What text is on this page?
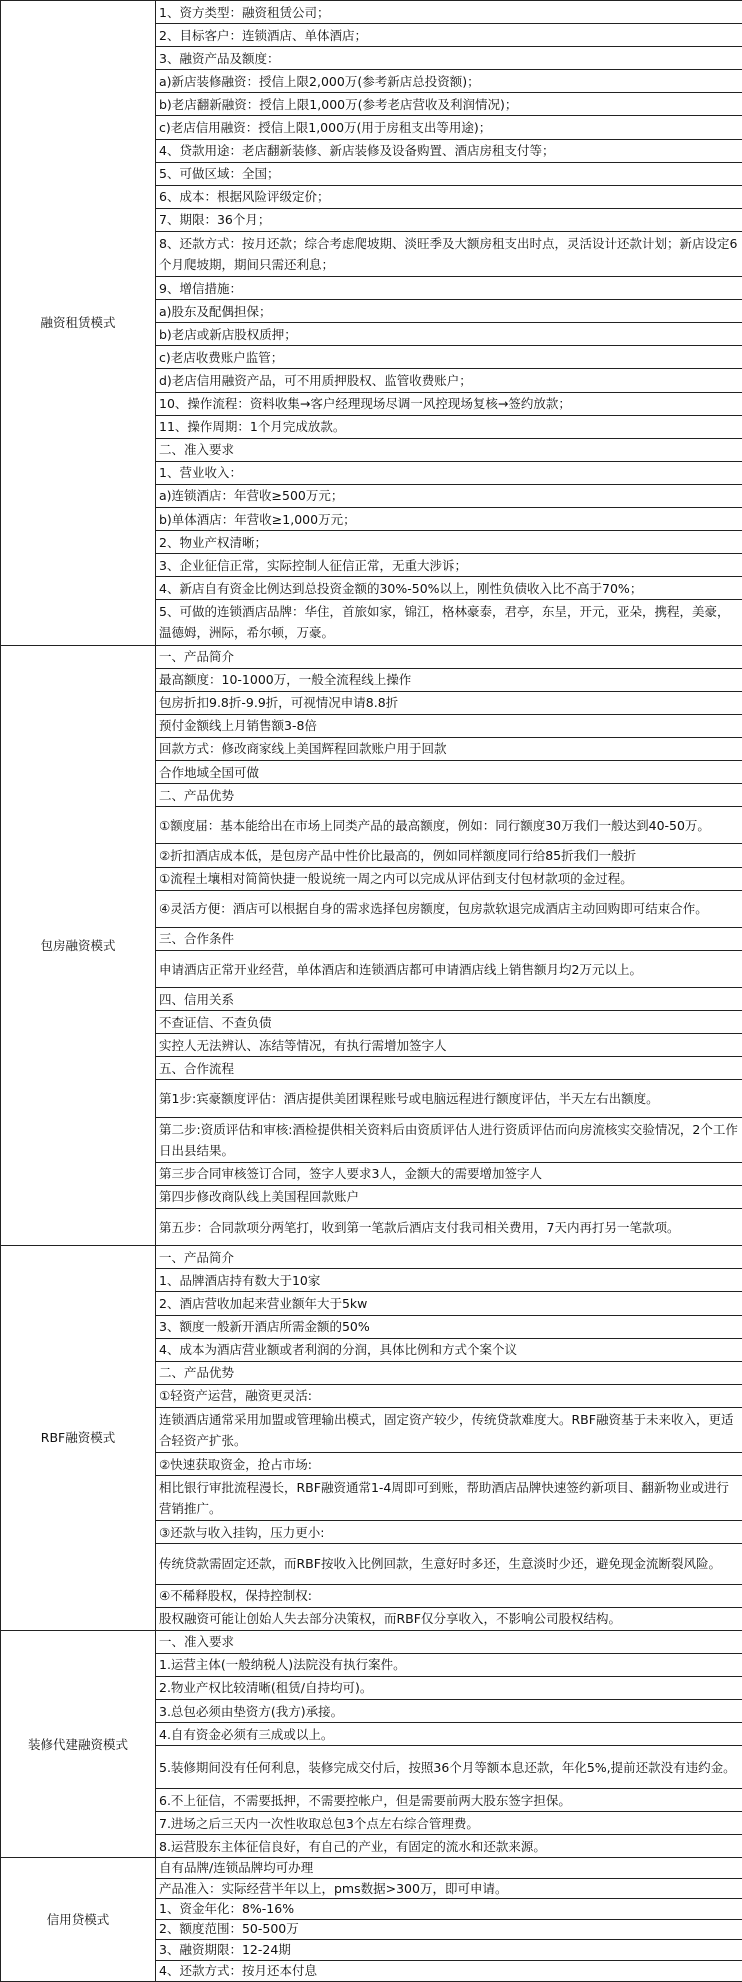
融资租赁模式	1、资方类型：融资租赁公司；
	2、目标客户：连锁酒店、单体酒店；
	3、融资产品及额度：
	a)新店装修融资：授信上限2,000万(参考新店总投资额)；
	b)老店翻新融资：授信上限1,000万(参考老店营收及利润情况)；
	c)老店信用融资：授信上限1,000万(用于房租支出等用途)；
	4、贷款用途：老店翻新装修、新店装修及设备购置、酒店房租支付等；
	5、可做区域：全国；
	6、成本：根据风险评级定价；
	7、期限：36个月；
	8、还款方式：按月还款；综合考虑爬坡期、淡旺季及大额房租支出时点，灵活设计还款计划；新店设定6个月爬坡期，期间只需还利息；
	9、增信措施：
	a)股东及配偶担保；
	b)老店或新店股权质押；
	c)老店收费账户监管；
	d)老店信用融资产品，可不用质押股权、监管收费账户；
	10、操作流程：资料收集→客户经理现场尽调一风控现场复核→签约放款；
	11、操作周期：1个月完成放款。
	二、准入要求
	1、营业收入：
	a)连锁酒店：年营收≥500万元；
	b)单体酒店：年营收≥1,000万元；
	2、物业产权清晰；
	3、企业征信正常，实际控制人征信正常，无重大涉诉；
	4、新店自有资金比例达到总投资金额的30%-50%以上，刚性负债收入比不高于70%；
	5、可做的连锁酒店品牌：华住，首旅如家，锦江，格林豪泰，君亭，东呈，开元，亚朵，携程，美豪，温德姆，洲际，希尔顿，万豪。
包房融资模式	一、产品简介
	最高额度：10-1000万，一般全流程线上操作
	包房折扣9.8折-9.9折，可视情况申请8.8折
	预付金额线上月销售额3-8倍
	回款方式：修改商家线上美国辉程回款账户用于回款
	合作地域全国可做
	二、产品优势
	①额度届：基本能给出在市场上同类产品的最高额度，例如：同行额度30万我们一般达到40-50万。
	②折扣酒店成本低，是包房产品中性价比最高的，例如同样额度同行给85折我们一般折
	①流程土壤相对简简快捷一般说统一周之内可以完成从评估到支付包材款项的金过程。
	④灵活方便：酒店可以根据自身的需求选择包房额度，包房款软退完成酒店主动回购即可结束合作。
	三、合作条件
	申请酒店正常开业经营，单体酒店和连锁酒店都可申请酒店线上销售额月均2万元以上。
	四、信用关系
	不查证信、不查负债
	实控人无法辨认、冻结等情况，有执行需增加签字人
	五、合作流程
	第1步:宾豪额度评估：酒店提供美团课程账号或电脑远程进行额度评估，半天左右出额度。
	第二步:资质评估和审核:酒检提供相关资料后由资质评估人进行资质评估而向房流核实交验情况，2个工作日出县结果。
	第三步合同审核签订合同，签字人要求3人，金额大的需要增加签字人
	第四步修改商队线上美国程回款账户
	第五步：合同款项分两笔打，收到第一笔款后酒店支付我司相关费用，7天内再打另一笔款项。
RBF融资模式	一、产品简介
	1、品牌酒店持有数大于10家
	2、酒店营收加起来营业额年大于5kw
	3、额度一般新开酒店所需金额的50%
	4、成本为酒店营业额或者利润的分润，具体比例和方式个案个议
	二、产品优势
	①轻资产运营，融资更灵活:
	连锁酒店通常采用加盟或管理输出模式，固定资产较少，传统贷款难度大。RBF融资基于未来收入，更适合轻资产扩张。
	②快速获取资金，抢占市场:
	相比银行审批流程漫长，RBF融资通常1-4周即可到账，帮助酒店品牌快速签约新项目、翻新物业或进行营销推广。
	③还款与收入挂钩，压力更小:
	传统贷款需固定还款，而RBF按收入比例回款，生意好时多还，生意淡时少还，避免现金流断裂风险。
	④不稀释股权，保持控制权:
	股权融资可能让创始人失去部分决策权，而RBF仅分享收入，不影响公司股权结构。
装修代建融资模式	一、准入要求
	1.运营主体(一般纳税人)法院没有执行案件。
	2.物业产权比较清晰(租赁/自持均可)。
	3.总包必须由垫资方(我方)承接。
	4.自有资金必须有三成或以上。
	5.装修期间没有任何利息，装修完成交付后，按照36个月等额本息还款，年化5%,提前还款没有违约金。
	6.不上征信，不需要抵押，不需要控帐户，但是需要前两大股东签字担保。
	7.进场之后三天内一次性收取总包3个点左右综合管理费。
	8.运营股东主体征信良好，有自己的产业，有固定的流水和还款来源。
信用贷模式	自有品牌/连锁品牌均可办理
	产品准入：实际经营半年以上，pms数据>300万，即可申请。
	1、资金年化：8%-16%
	2、额度范围：50-500万
	3、融资期限：12-24期
	4、还款方式：按月还本付息
